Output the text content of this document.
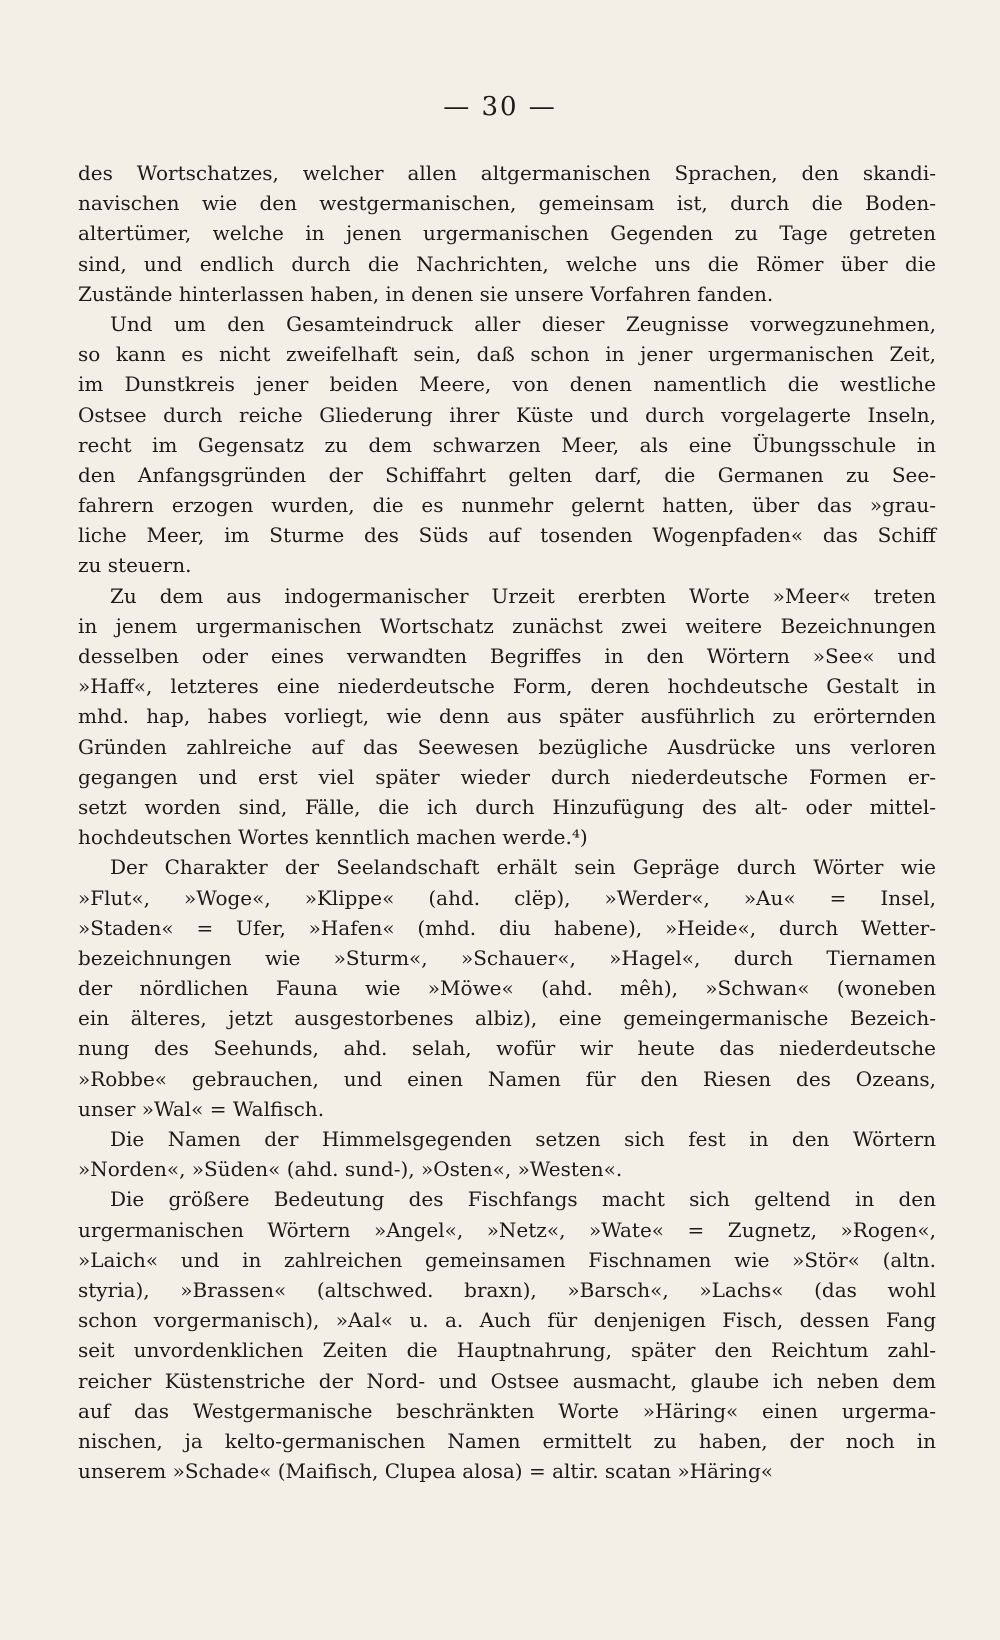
— 30 —
des Wortschatzes, welcher allen altgermanischen Sprachen, den skandi-
navischen wie den westgermanischen, gemeinsam ist, durch die Boden-
altertümer, welche in jenen urgermanischen Gegenden zu Tage getreten
sind, und endlich durch die Nachrichten, welche uns die Römer über die
Zustände hinterlassen haben, in denen sie unsere Vorfahren fanden.
Und um den Gesamteindruck aller dieser Zeugnisse vorwegzunehmen,
so kann es nicht zweifelhaft sein, daß schon in jener urgermanischen Zeit,
im Dunstkreis jener beiden Meere, von denen namentlich die westliche
Ostsee durch reiche Gliederung ihrer Küste und durch vorgelagerte Inseln,
recht im Gegensatz zu dem schwarzen Meer, als eine Übungsschule in
den Anfangsgründen der Schiffahrt gelten darf, die Germanen zu See-
fahrern erzogen wurden, die es nunmehr gelernt hatten, über das »grau-
liche Meer, im Sturme des Süds auf tosenden Wogenpfaden« das Schiff
zu steuern.
Zu dem aus indogermanischer Urzeit ererbten Worte »Meer« treten
in jenem urgermanischen Wortschatz zunächst zwei weitere Bezeichnungen
desselben oder eines verwandten Begriffes in den Wörtern »See« und
»Haff«, letzteres eine niederdeutsche Form, deren hochdeutsche Gestalt in
mhd. hap, habes vorliegt, wie denn aus später ausführlich zu erörternden
Gründen zahlreiche auf das Seewesen bezügliche Ausdrücke uns verloren
gegangen und erst viel später wieder durch niederdeutsche Formen er-
setzt worden sind, Fälle, die ich durch Hinzufügung des alt- oder mittel-
hochdeutschen Wortes kenntlich machen werde.⁴)
Der Charakter der Seelandschaft erhält sein Gepräge durch Wörter wie
»Flut«, »Woge«, »Klippe« (ahd. clëp), »Werder«, »Au« = Insel,
»Staden« = Ufer, »Hafen« (mhd. diu habene), »Heide«, durch Wetter-
bezeichnungen wie »Sturm«, »Schauer«, »Hagel«, durch Tiernamen
der nördlichen Fauna wie »Möwe« (ahd. mêh), »Schwan« (woneben
ein älteres, jetzt ausgestorbenes albiz), eine gemeingermanische Bezeich-
nung des Seehunds, ahd. selah, wofür wir heute das niederdeutsche
»Robbe« gebrauchen, und einen Namen für den Riesen des Ozeans,
unser »Wal« = Walfisch.
Die Namen der Himmelsgegenden setzen sich fest in den Wörtern
»Norden«, »Süden« (ahd. sund-), »Osten«, »Westen«.
Die größere Bedeutung des Fischfangs macht sich geltend in den
urgermanischen Wörtern »Angel«, »Netz«, »Wate« = Zugnetz, »Rogen«,
»Laich« und in zahlreichen gemeinsamen Fischnamen wie »Stör« (altn.
styria), »Brassen« (altschwed. braxn), »Barsch«, »Lachs« (das wohl
schon vorgermanisch), »Aal« u. a. Auch für denjenigen Fisch, dessen Fang
seit unvordenklichen Zeiten die Hauptnahrung, später den Reichtum zahl-
reicher Küstenstriche der Nord- und Ostsee ausmacht, glaube ich neben dem
auf das Westgermanische beschränkten Worte »Häring« einen urgerma-
nischen, ja kelto-germanischen Namen ermittelt zu haben, der noch in
unserem »Schade« (Maifisch, Clupea alosa) = altir. scatan »Häring«
